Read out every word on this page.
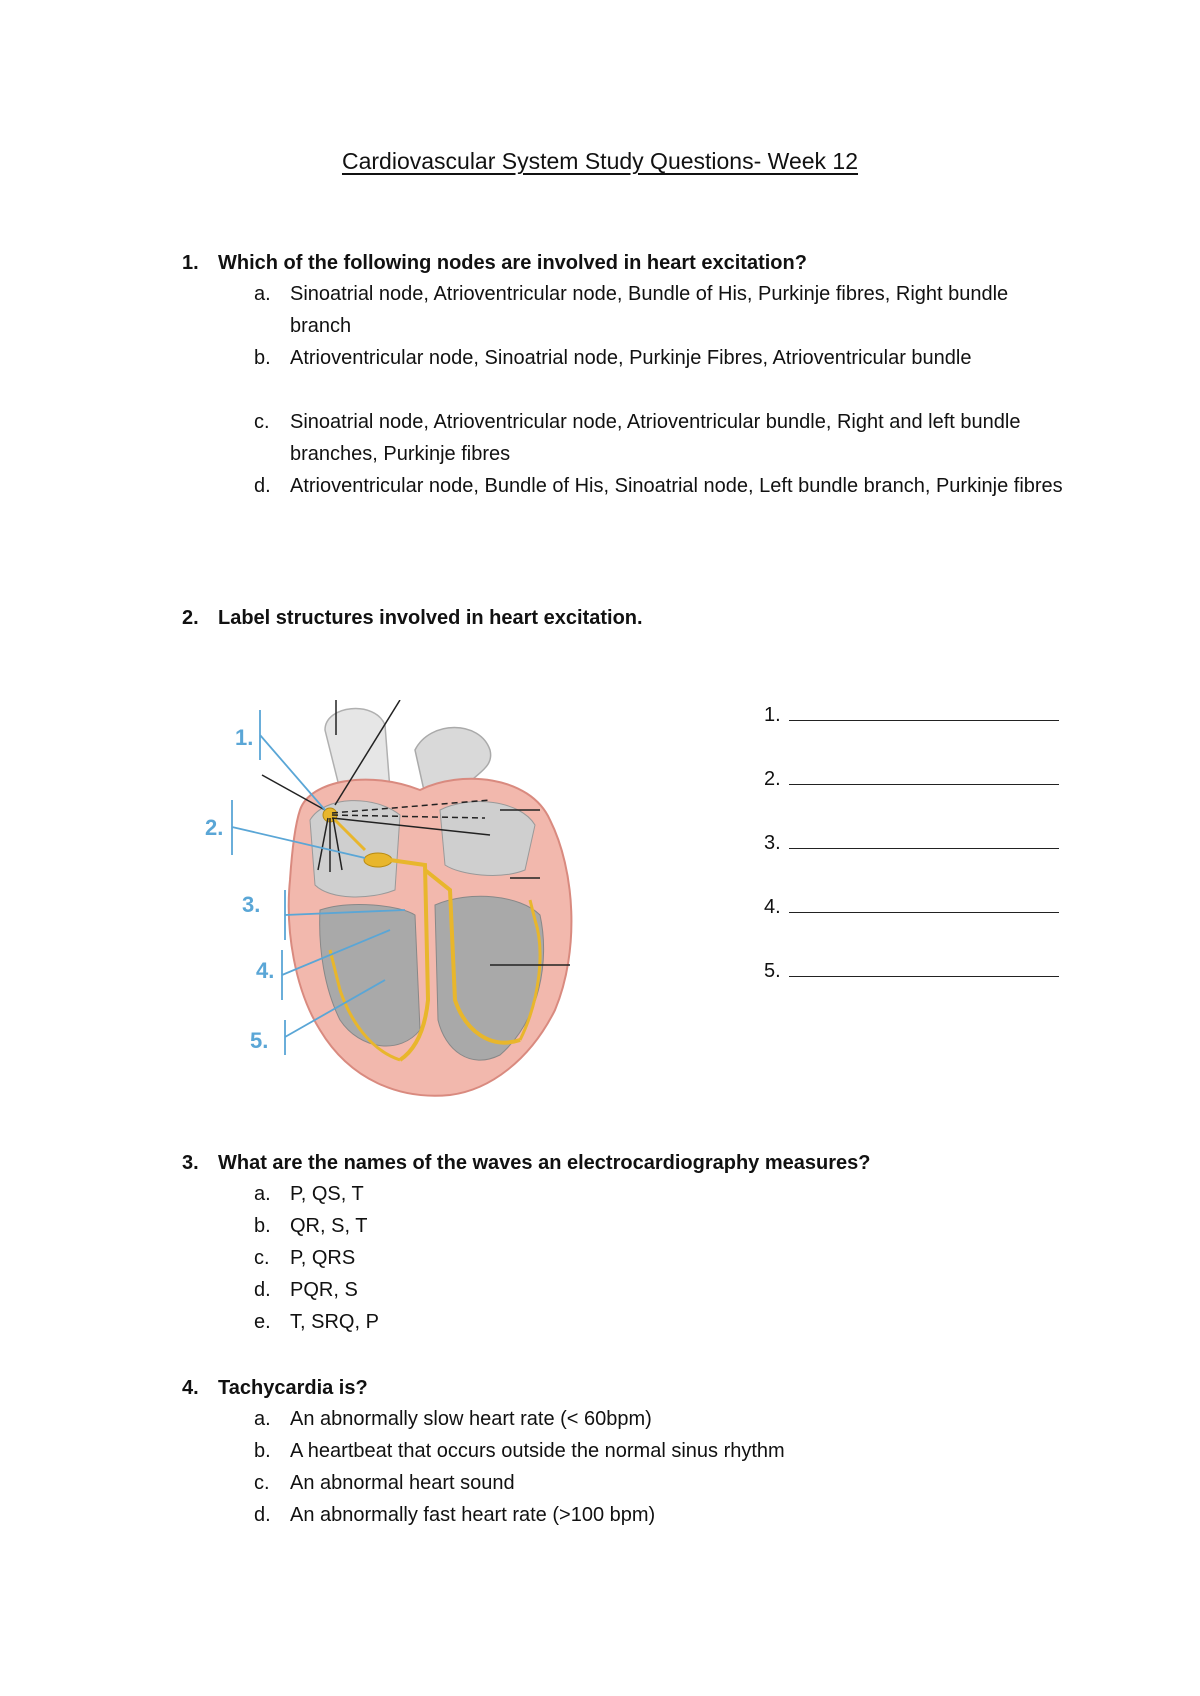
Cardiovascular System Study Questions- Week 12
1. Which of the following nodes are involved in heart excitation?
a. Sinoatrial node, Atrioventricular node, Bundle of His, Purkinje fibres, Right bundle branch
b. Atrioventricular node, Sinoatrial node, Purkinje Fibres, Atrioventricular bundle
c. Sinoatrial node, Atrioventricular node, Atrioventricular bundle, Right and left bundle branches, Purkinje fibres
d. Atrioventricular node, Bundle of His, Sinoatrial node, Left bundle branch, Purkinje fibres
2. Label structures involved in heart excitation.
1.
2.
3.
4.
5.
1.
2.
3.
4.
5.
3. What are the names of the waves an electrocardiography measures?
a. P, QS, T
b. QR, S, T
c. P, QRS
d. PQR, S
e. T, SRQ, P
4. Tachycardia is?
a. An abnormally slow heart rate (< 60bpm)
b. A heartbeat that occurs outside the normal sinus rhythm
c. An abnormal heart sound
d. An abnormally fast heart rate (>100 bpm)
